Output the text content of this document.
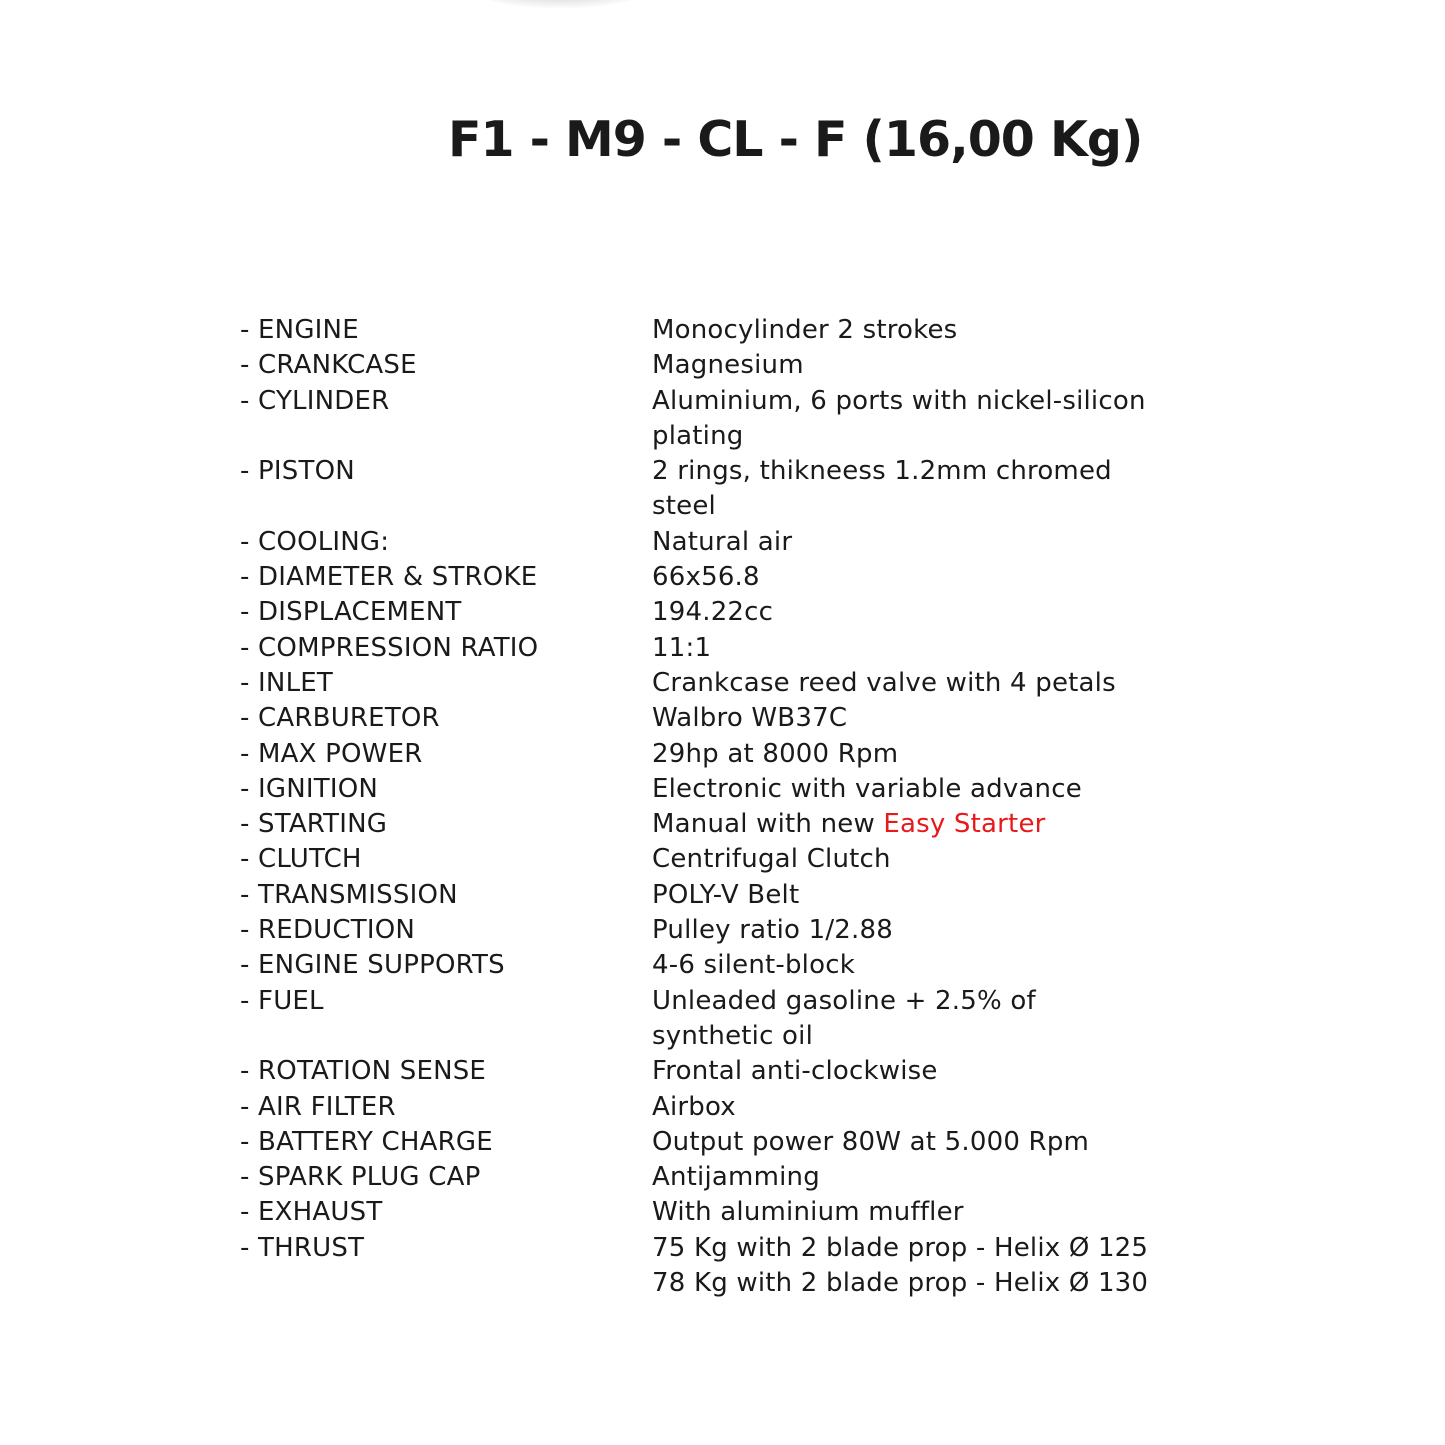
F1 - M9 - CL - F (16,00 Kg)
- ENGINE	Monocylinder 2 strokes
- CRANKCASE	Magnesium
- CYLINDER	Aluminium, 6 ports with nickel-silicon
plating
- PISTON	2 rings, thikneess 1.2mm chromed
steel
- COOLING:	Natural air
- DIAMETER & STROKE	66x56.8
- DISPLACEMENT	194.22cc
- COMPRESSION RATIO	11:1
- INLET	Crankcase reed valve with 4 petals
- CARBURETOR	Walbro WB37C
- MAX POWER	29hp at 8000 Rpm
- IGNITION	Electronic with variable advance
- STARTING	Manual with new Easy Starter
- CLUTCH	Centrifugal Clutch
- TRANSMISSION	POLY-V Belt
- REDUCTION	Pulley ratio 1/2.88
- ENGINE SUPPORTS	4-6 silent-block
- FUEL	Unleaded gasoline + 2.5% of
synthetic oil
- ROTATION SENSE	Frontal anti-clockwise
- AIR FILTER	Airbox
- BATTERY CHARGE	Output power 80W at 5.000 Rpm
- SPARK PLUG CAP	Antijamming
- EXHAUST	With aluminium muffler
- THRUST	75 Kg with 2 blade prop - Helix Ø 125
78 Kg with 2 blade prop - Helix Ø 130
